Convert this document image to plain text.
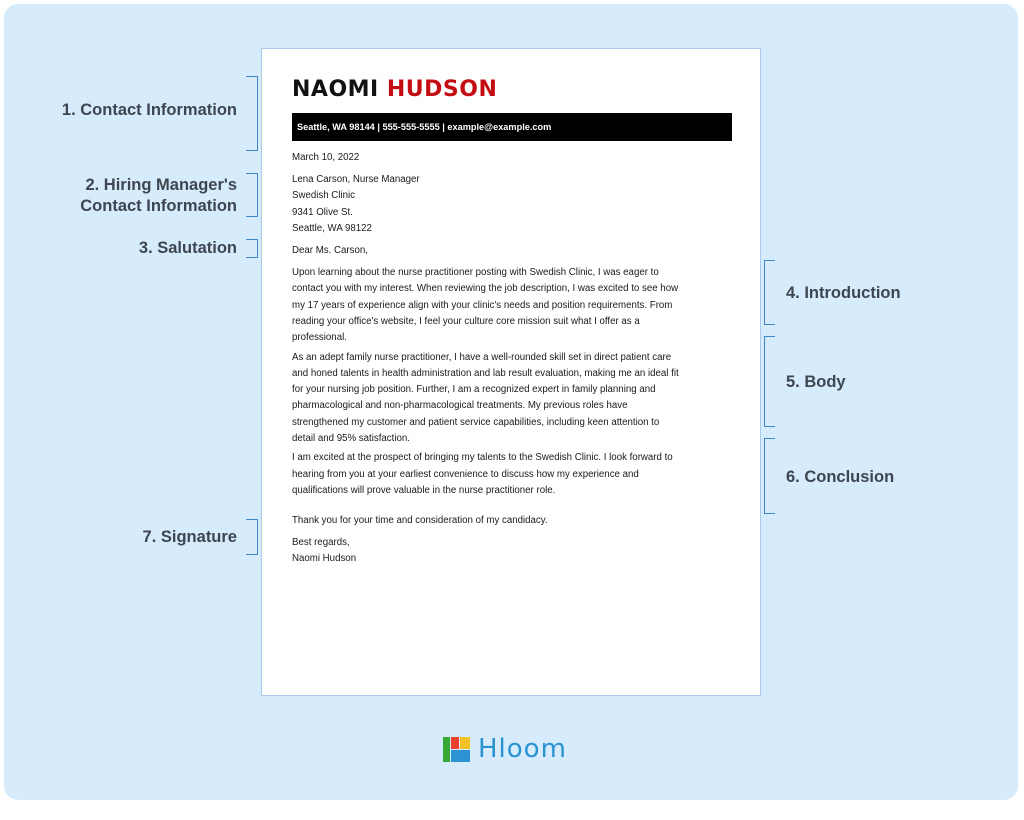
1. Contact Information
2. Hiring Manager's
Contact Information
3. Salutation
7. Signature
4. Introduction
5. Body
6. Conclusion
NAOMI HUDSON
Seattle, WA 98144 | 555-555-5555 | example@example.com
March 10, 2022
Lena Carson, Nurse Manager
Swedish Clinic
9341 Olive St.
Seattle, WA 98122
Dear Ms. Carson,
Upon learning about the nurse practitioner posting with Swedish Clinic, I was eager to
contact you with my interest. When reviewing the job description, I was excited to see how
my 17 years of experience align with your clinic's needs and position requirements. From
reading your office's website, I feel your culture core mission suit what I offer as a
professional.
As an adept family nurse practitioner, I have a well-rounded skill set in direct patient care
and honed talents in health administration and lab result evaluation, making me an ideal fit
for your nursing job position. Further, I am a recognized expert in family planning and
pharmacological and non-pharmacological treatments. My previous roles have
strengthened my customer and patient service capabilities, including keen attention to
detail and 95% satisfaction.
I am excited at the prospect of bringing my talents to the Swedish Clinic. I look forward to
hearing from you at your earliest convenience to discuss how my experience and
qualifications will prove valuable in the nurse practitioner role.
Thank you for your time and consideration of my candidacy.
Best regards,
Naomi Hudson
Hloom
